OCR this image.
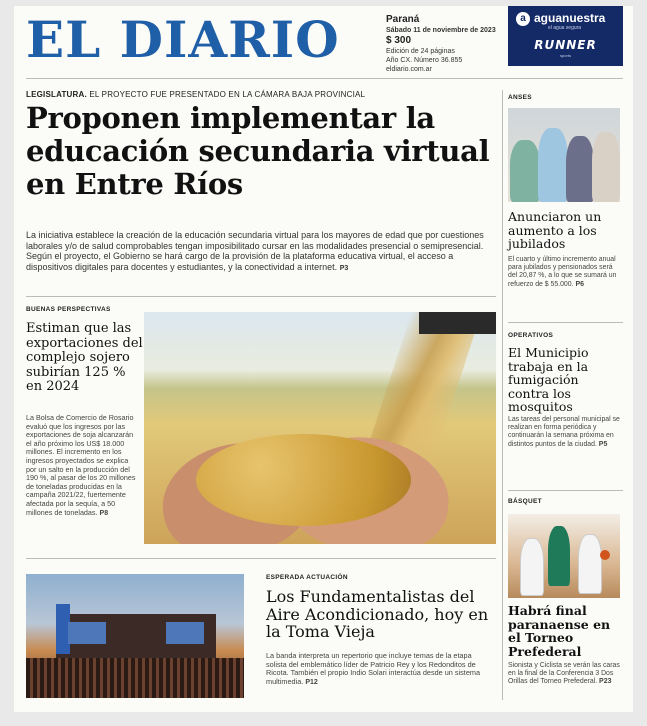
EL DIARIO	Paraná
Sábado 11 de noviembre de 2023
$ 300
Edición de 24 páginas
Año CX. Número 36.855
eldiario.com.ar
a aguanuestra
el agua segura
RUNNER
sports
LEGISLATURA. EL PROYECTO FUE PRESENTADO EN LA CÁMARA BAJA PROVINCIAL
Proponen implementar la educación secundaria virtual en Entre Ríos
La iniciativa establece la creación de la educación secundaria virtual para los mayores de edad que por cuestiones laborales y/o de salud comprobables tengan imposibilitado cursar en las modalidades presencial o semipresencial. Según el proyecto, el Gobierno se hará cargo de la provisión de la plataforma educativa virtual, el acceso a dispositivos digitales para docentes y estudiantes, y la conectividad a internet. P3
BUENAS PERSPECTIVAS
Estiman que las exportaciones del complejo sojero subirían 125 % en 2024
La Bolsa de Comercio de Rosario evaluó que los ingresos por las exportaciones de soja alcanzarán el año próximo los US$ 18.000 millones. El incremento en los ingresos proyectados se explica por un salto en la producción del 190 %, al pasar de los 20 millones de toneladas producidas en la campaña 2021/22, fuertemente afectada por la sequía, a 50 millones de toneladas. P8
ESPERADA ACTUACIÓN
Los Fundamentalistas del Aire Acondicionado, hoy en la Toma Vieja
La banda interpreta un repertorio que incluye temas de la etapa solista del emblemático líder de Patricio Rey y los Redonditos de Ricota. También el propio Indio Solari interactúa desde un sistema multimedia. P12
ANSES
Anunciaron un aumento a los jubilados
El cuarto y último incremento anual para jubilados y pensionados será del 20,87 %, a lo que se sumará un refuerzo de $ 55.000. P6
OPERATIVOS
El Municipio trabaja en la fumigación contra los mosquitos
Las tareas del personal municipal se realizan en forma periódica y continuarán la semana próxima en distintos puntos de la ciudad. P5
BÁSQUET
Habrá final paranaense en el Torneo Prefederal
Sionista y Ciclista se verán las caras en la final de la Conferencia 3 Dos Orillas del Torneo Prefederal. P23
